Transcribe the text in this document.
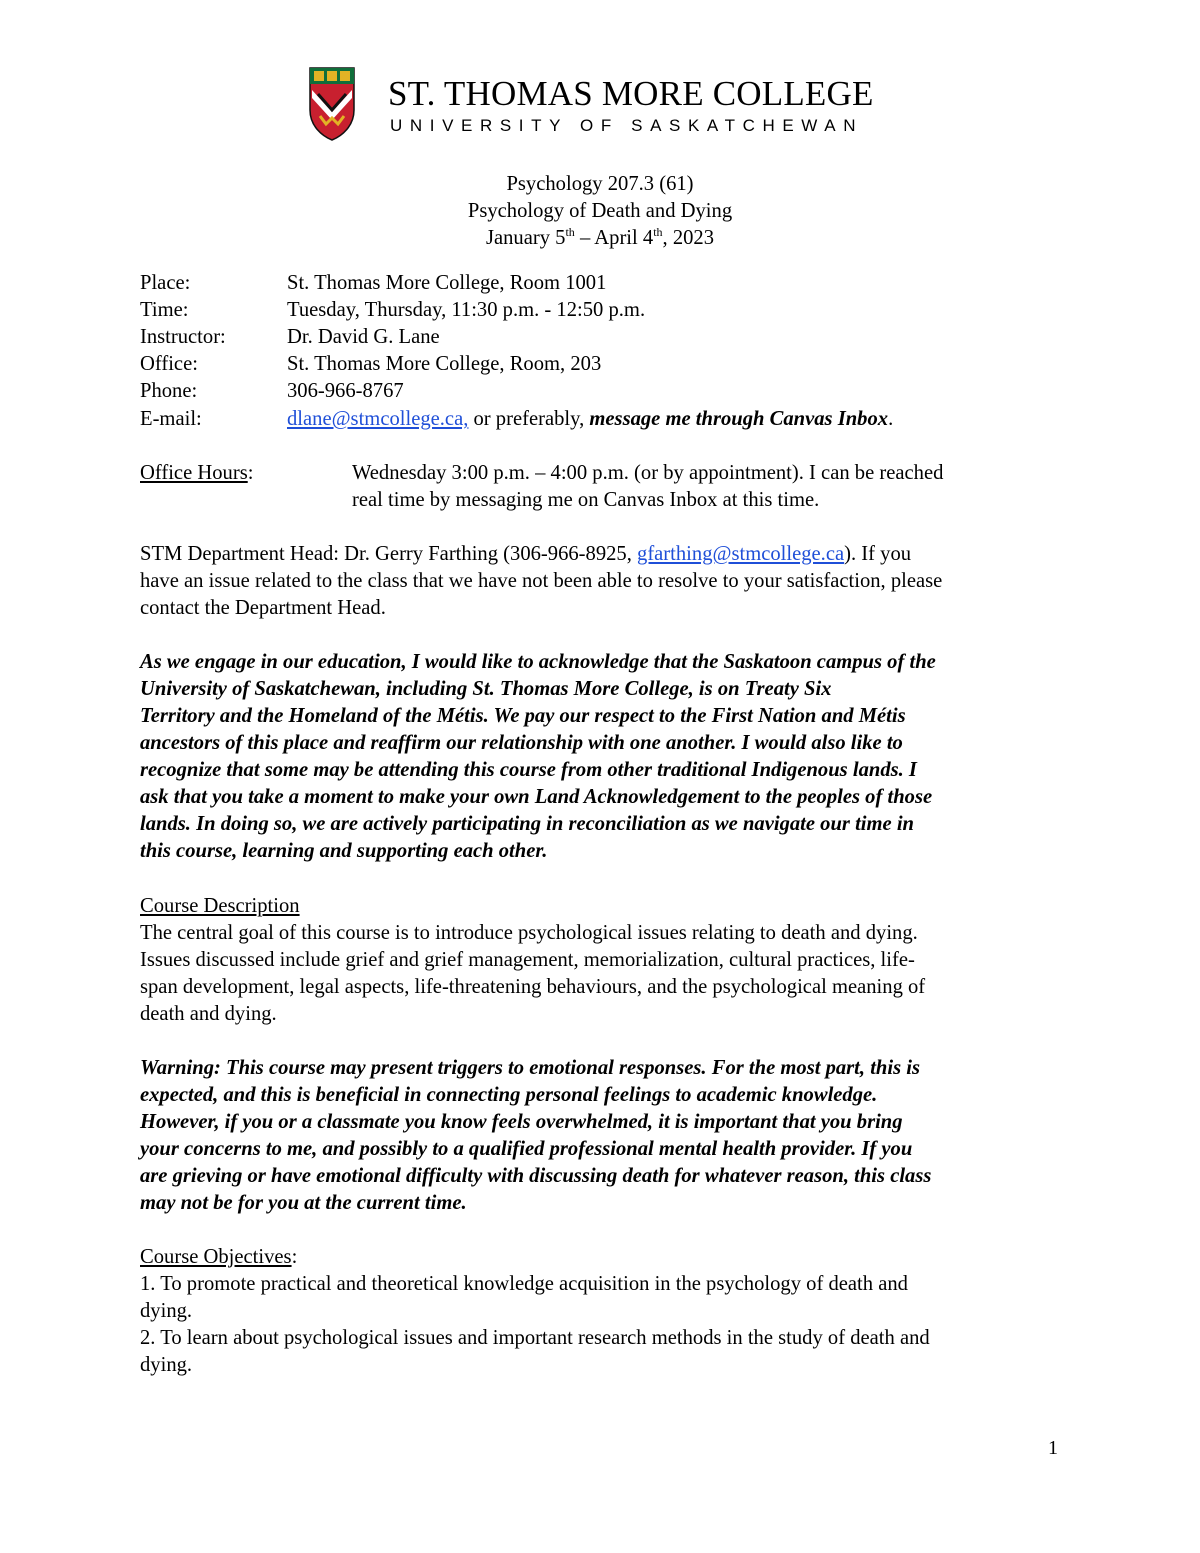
ST. THOMAS MORE COLLEGE
UNIVERSITY OF SASKATCHEWAN
Psychology 207.3 (61)
Psychology of Death and Dying
January 5th – April 4th, 2023
Place:	St. Thomas More College, Room 1001
Time:	Tuesday, Thursday, 11:30 p.m. - 12:50 p.m.
Instructor:	Dr. David G. Lane
Office:	St. Thomas More College, Room, 203
Phone:	306-966-8767
E-mail:	dlane@stmcollege.ca, or preferably, message me through Canvas Inbox.
Office Hours:	Wednesday 3:00 p.m. – 4:00 p.m. (or by appointment). I can be reached
real time by messaging me on Canvas Inbox at this time.
STM Department Head: Dr. Gerry Farthing (306-966-8925, gfarthing@stmcollege.ca). If you
have an issue related to the class that we have not been able to resolve to your satisfaction, please
contact the Department Head.
As we engage in our education, I would like to acknowledge that the Saskatoon campus of the
University of Saskatchewan, including St. Thomas More College, is on Treaty Six
Territory and the Homeland of the Métis. We pay our respect to the First Nation and Métis
ancestors of this place and reaffirm our relationship with one another. I would also like to
recognize that some may be attending this course from other traditional Indigenous lands. I
ask that you take a moment to make your own Land Acknowledgement to the peoples of those
lands. In doing so, we are actively participating in reconciliation as we navigate our time in
this course, learning and supporting each other.
Course Description
The central goal of this course is to introduce psychological issues relating to death and dying.
Issues discussed include grief and grief management, memorialization, cultural practices, life-
span development, legal aspects, life-threatening behaviours, and the psychological meaning of
death and dying.
Warning: This course may present triggers to emotional responses. For the most part, this is
expected, and this is beneficial in connecting personal feelings to academic knowledge.
However, if you or a classmate you know feels overwhelmed, it is important that you bring
your concerns to me, and possibly to a qualified professional mental health provider. If you
are grieving or have emotional difficulty with discussing death for whatever reason, this class
may not be for you at the current time.
Course Objectives:
1. To promote practical and theoretical knowledge acquisition in the psychology of death and
dying.
2. To learn about psychological issues and important research methods in the study of death and
dying.
1
